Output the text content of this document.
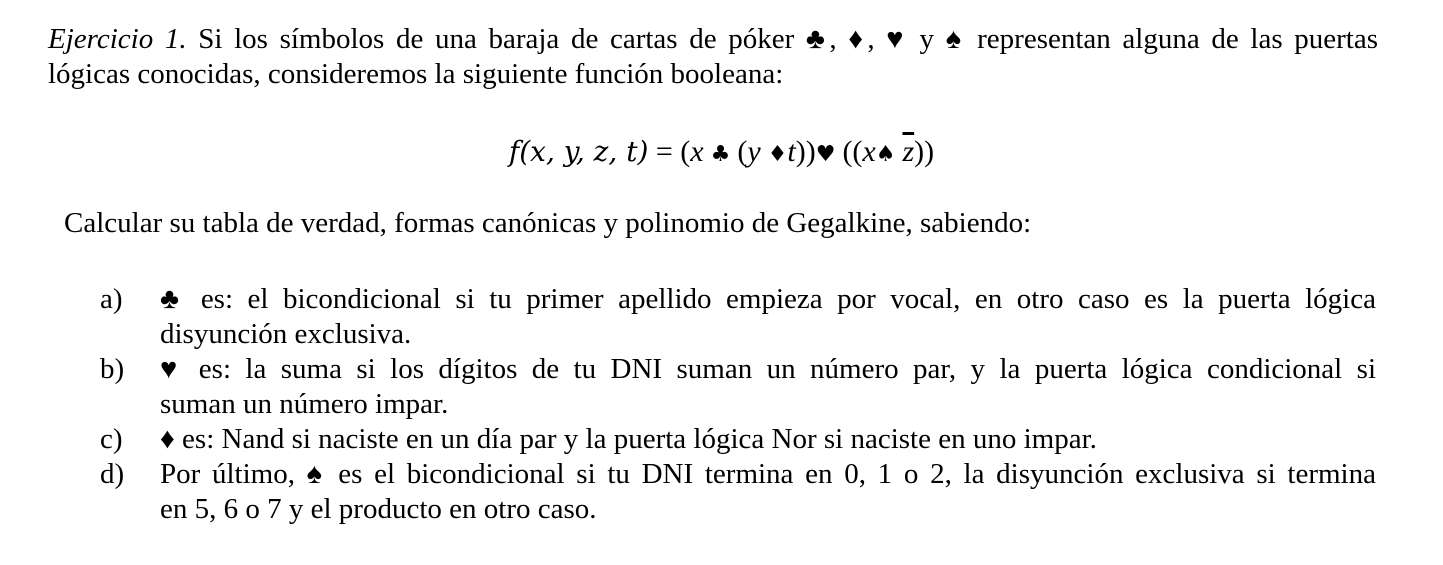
Ejercicio 1. Si los símbolos de una baraja de cartas de póker ♣, ♦, ♥ y ♠ representan alguna de las puertas
lógicas conocidas, consideremos la siguiente función booleana:
f(x, y, z, t) = (x ♣ (y ♦t))♥ ((x♠ $\overline{z}$))
Calcular su tabla de verdad, formas canónicas y polinomio de Gegalkine, sabiendo:
a) ♣ es: el bicondicional si tu primer apellido empieza por vocal, en otro caso es la puerta lógica
disyunción exclusiva.
b) ♥ es: la suma si los dígitos de tu DNI suman un número par, y la puerta lógica condicional si
suman un número impar.
c) ♦ es: Nand si naciste en un día par y la puerta lógica Nor si naciste en uno impar.
d) Por último, ♠ es el bicondicional si tu DNI termina en 0, 1 o 2, la disyunción exclusiva si termina
en 5, 6 o 7 y el producto en otro caso.
